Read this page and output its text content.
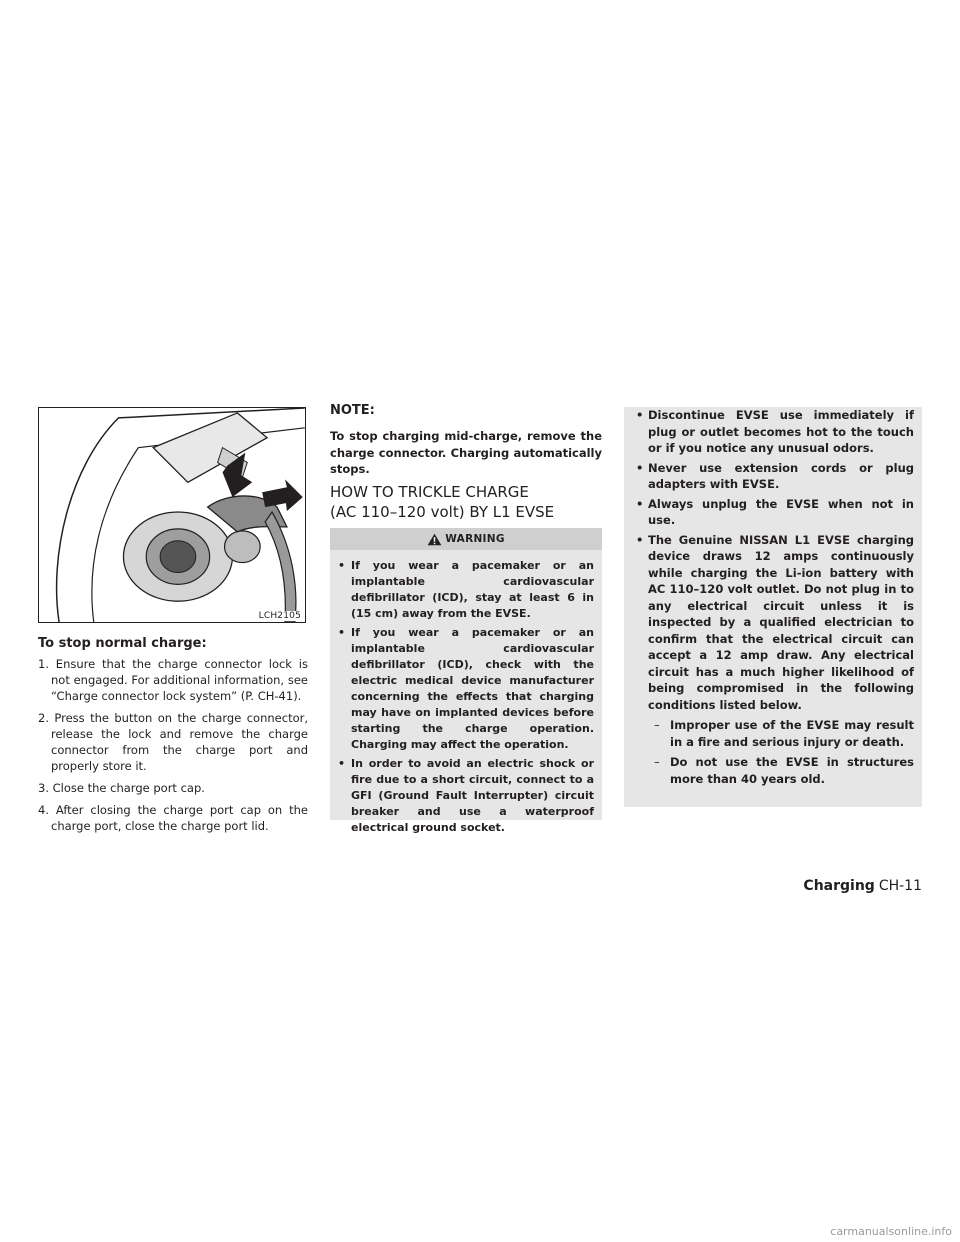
LCH2105
To stop normal charge:
1. Ensure that the charge connector lock is not engaged. For additional information, see “Charge connector lock system” (P. CH-41).
2. Press the button on the charge connector, release the lock and remove the charge connector from the charge port and properly store it.
3. Close the charge port cap.
4. After closing the charge port cap on the charge port, close the charge port lid.
NOTE:

To stop charging mid-charge, remove the charge connector. Charging automatically stops.

HOW TO TRICKLE CHARGE
(AC 110–120 volt) BY L1 EVSE
WARNING
• If you wear a pacemaker or an implantable cardiovascular defibrillator (ICD), stay at least 6 in (15 cm) away from the EVSE.
• If you wear a pacemaker or an implantable cardiovascular defibrillator (ICD), check with the electric medical device manufacturer concerning the effects that charging may have on implanted devices before starting the charge operation. Charging may affect the operation.
• In order to avoid an electric shock or fire due to a short circuit, connect to a GFI (Ground Fault Interrupter) circuit breaker and use a waterproof electrical ground socket.
• Discontinue EVSE use immediately if plug or outlet becomes hot to the touch or if you notice any unusual odors.
• Never use extension cords or plug adapters with EVSE.
• Always unplug the EVSE when not in use.
• The Genuine NISSAN L1 EVSE charging device draws 12 amps continuously while charging the Li-ion battery with AC 110–120 volt outlet. Do not plug in to any electrical circuit unless it is inspected by a qualified electrician to confirm that the electrical circuit can accept a 12 amp draw. Any electrical circuit has a much higher likelihood of being compromised in the following conditions listed below.
– Improper use of the EVSE may result in a fire and serious injury or death.
– Do not use the EVSE in structures more than 40 years old.
Charging CH-11
carmanualsonline.info
